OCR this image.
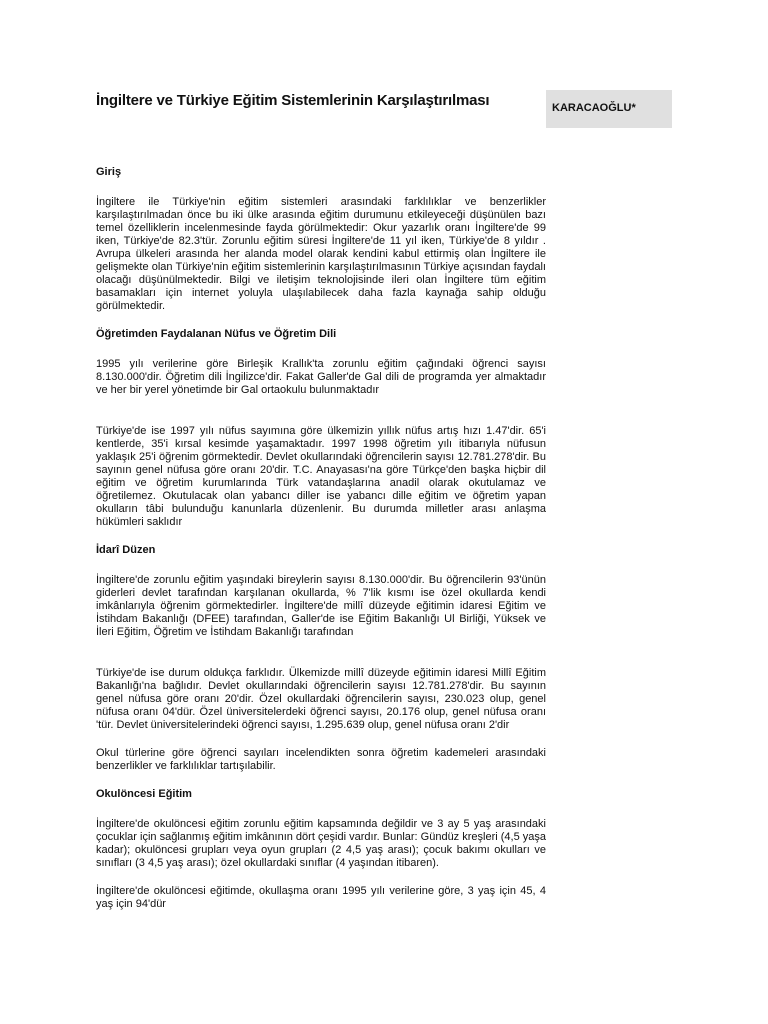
İngiltere ve Türkiye Eğitim Sistemlerinin Karşılaştırılması	KARACAOĞLU*
Giriş

İngiltere ile Türkiye'nin eğitim sistemleri arasındaki farklılıklar ve benzerlikler karşılaştırılmadan önce bu iki ülke arasında eğitim durumunu etkileyeceği düşünülen bazı temel özelliklerin incelenmesinde fayda görülmektedir: Okur yazarlık oranı İngiltere'de 99 iken, Türkiye'de 82.3'tür. Zorunlu eğitim süresi İngiltere'de 11 yıl iken, Türkiye'de 8 yıldır . Avrupa ülkeleri arasında her alanda model olarak kendini kabul ettirmiş olan İngiltere ile gelişmekte olan Türkiye'nin eğitim sistemlerinin karşılaştırılmasının Türkiye açısından faydalı olacağı düşünülmektedir. Bilgi ve iletişim teknolojisinde ileri olan İngiltere tüm eğitim basamakları için internet yoluyla ulaşılabilecek daha fazla kaynağa sahip olduğu görülmektedir.

Öğretimden Faydalanan Nüfus ve Öğretim Dili

1995 yılı verilerine göre Birleşik Krallık'ta zorunlu eğitim çağındaki öğrenci sayısı 8.130.000'dir. Öğretim dili İngilizce'dir. Fakat Galler'de Gal dili de programda yer almaktadır ve her bir yerel yönetimde bir Gal ortaokulu bulunmaktadır

Türkiye'de ise 1997 yılı nüfus sayımına göre ülkemizin yıllık nüfus artış hızı 1.47'dir. 65'i kentlerde, 35'i kırsal kesimde yaşamaktadır. 1997 1998 öğretim yılı itibarıyla nüfusun yaklaşık 25'i öğrenim görmektedir. Devlet okullarındaki öğrencilerin sayısı 12.781.278'dir. Bu sayının genel nüfusa göre oranı 20'dir. T.C. Anayasası'na göre Türkçe'den başka hiçbir dil eğitim ve öğretim kurumlarında Türk vatandaşlarına anadil olarak okutulamaz ve öğretilemez. Okutulacak olan yabancı diller ise yabancı dille eğitim ve öğretim yapan okulların tâbi bulunduğu kanunlarla düzenlenir. Bu durumda milletler arası anlaşma hükümleri saklıdır

İdarî Düzen

İngiltere'de zorunlu eğitim yaşındaki bireylerin sayısı 8.130.000'dir. Bu öğrencilerin 93'ünün giderleri devlet tarafından karşılanan okullarda, % 7'lik kısmı ise özel okullarda kendi imkânlarıyla öğrenim görmektedirler. İngiltere'de millî düzeyde eğitimin idaresi Eğitim ve İstihdam Bakanlığı (DFEE) tarafından, Galler'de ise Eğitim Bakanlığı Ul Birliği, Yüksek ve İleri Eğitim, Öğretim ve İstihdam Bakanlığı tarafından

Türkiye'de ise durum oldukça farklıdır. Ülkemizde millî düzeyde eğitimin idaresi Millî Eğitim Bakanlığı'na bağlıdır. Devlet okullarındaki öğrencilerin sayısı 12.781.278'dir. Bu sayının genel nüfusa göre oranı 20'dir. Özel okullardaki öğrencilerin sayısı, 230.023 olup, genel nüfusa oranı 04'dür. Özel üniversitelerdeki öğrenci sayısı, 20.176 olup, genel nüfusa oranı 'tür. Devlet üniversitelerindeki öğrenci sayısı, 1.295.639 olup, genel nüfusa oranı 2'dir

Okul türlerine göre öğrenci sayıları incelendikten sonra öğretim kademeleri arasındaki benzerlikler ve farklılıklar tartışılabilir.

Okulöncesi Eğitim

İngiltere'de okulöncesi eğitim zorunlu eğitim kapsamında değildir ve 3 ay 5 yaş arasındaki çocuklar için sağlanmış eğitim imkânının dört çeşidi vardır. Bunlar: Gündüz kreşleri (4,5 yaşa kadar); okulöncesi grupları veya oyun grupları (2 4,5 yaş arası); çocuk bakımı okulları ve sınıfları (3 4,5 yaş arası); özel okullardaki sınıflar (4 yaşından itibaren).

İngiltere'de okulöncesi eğitimde, okullaşma oranı 1995 yılı verilerine göre, 3 yaş için 45, 4 yaş için 94'dür
